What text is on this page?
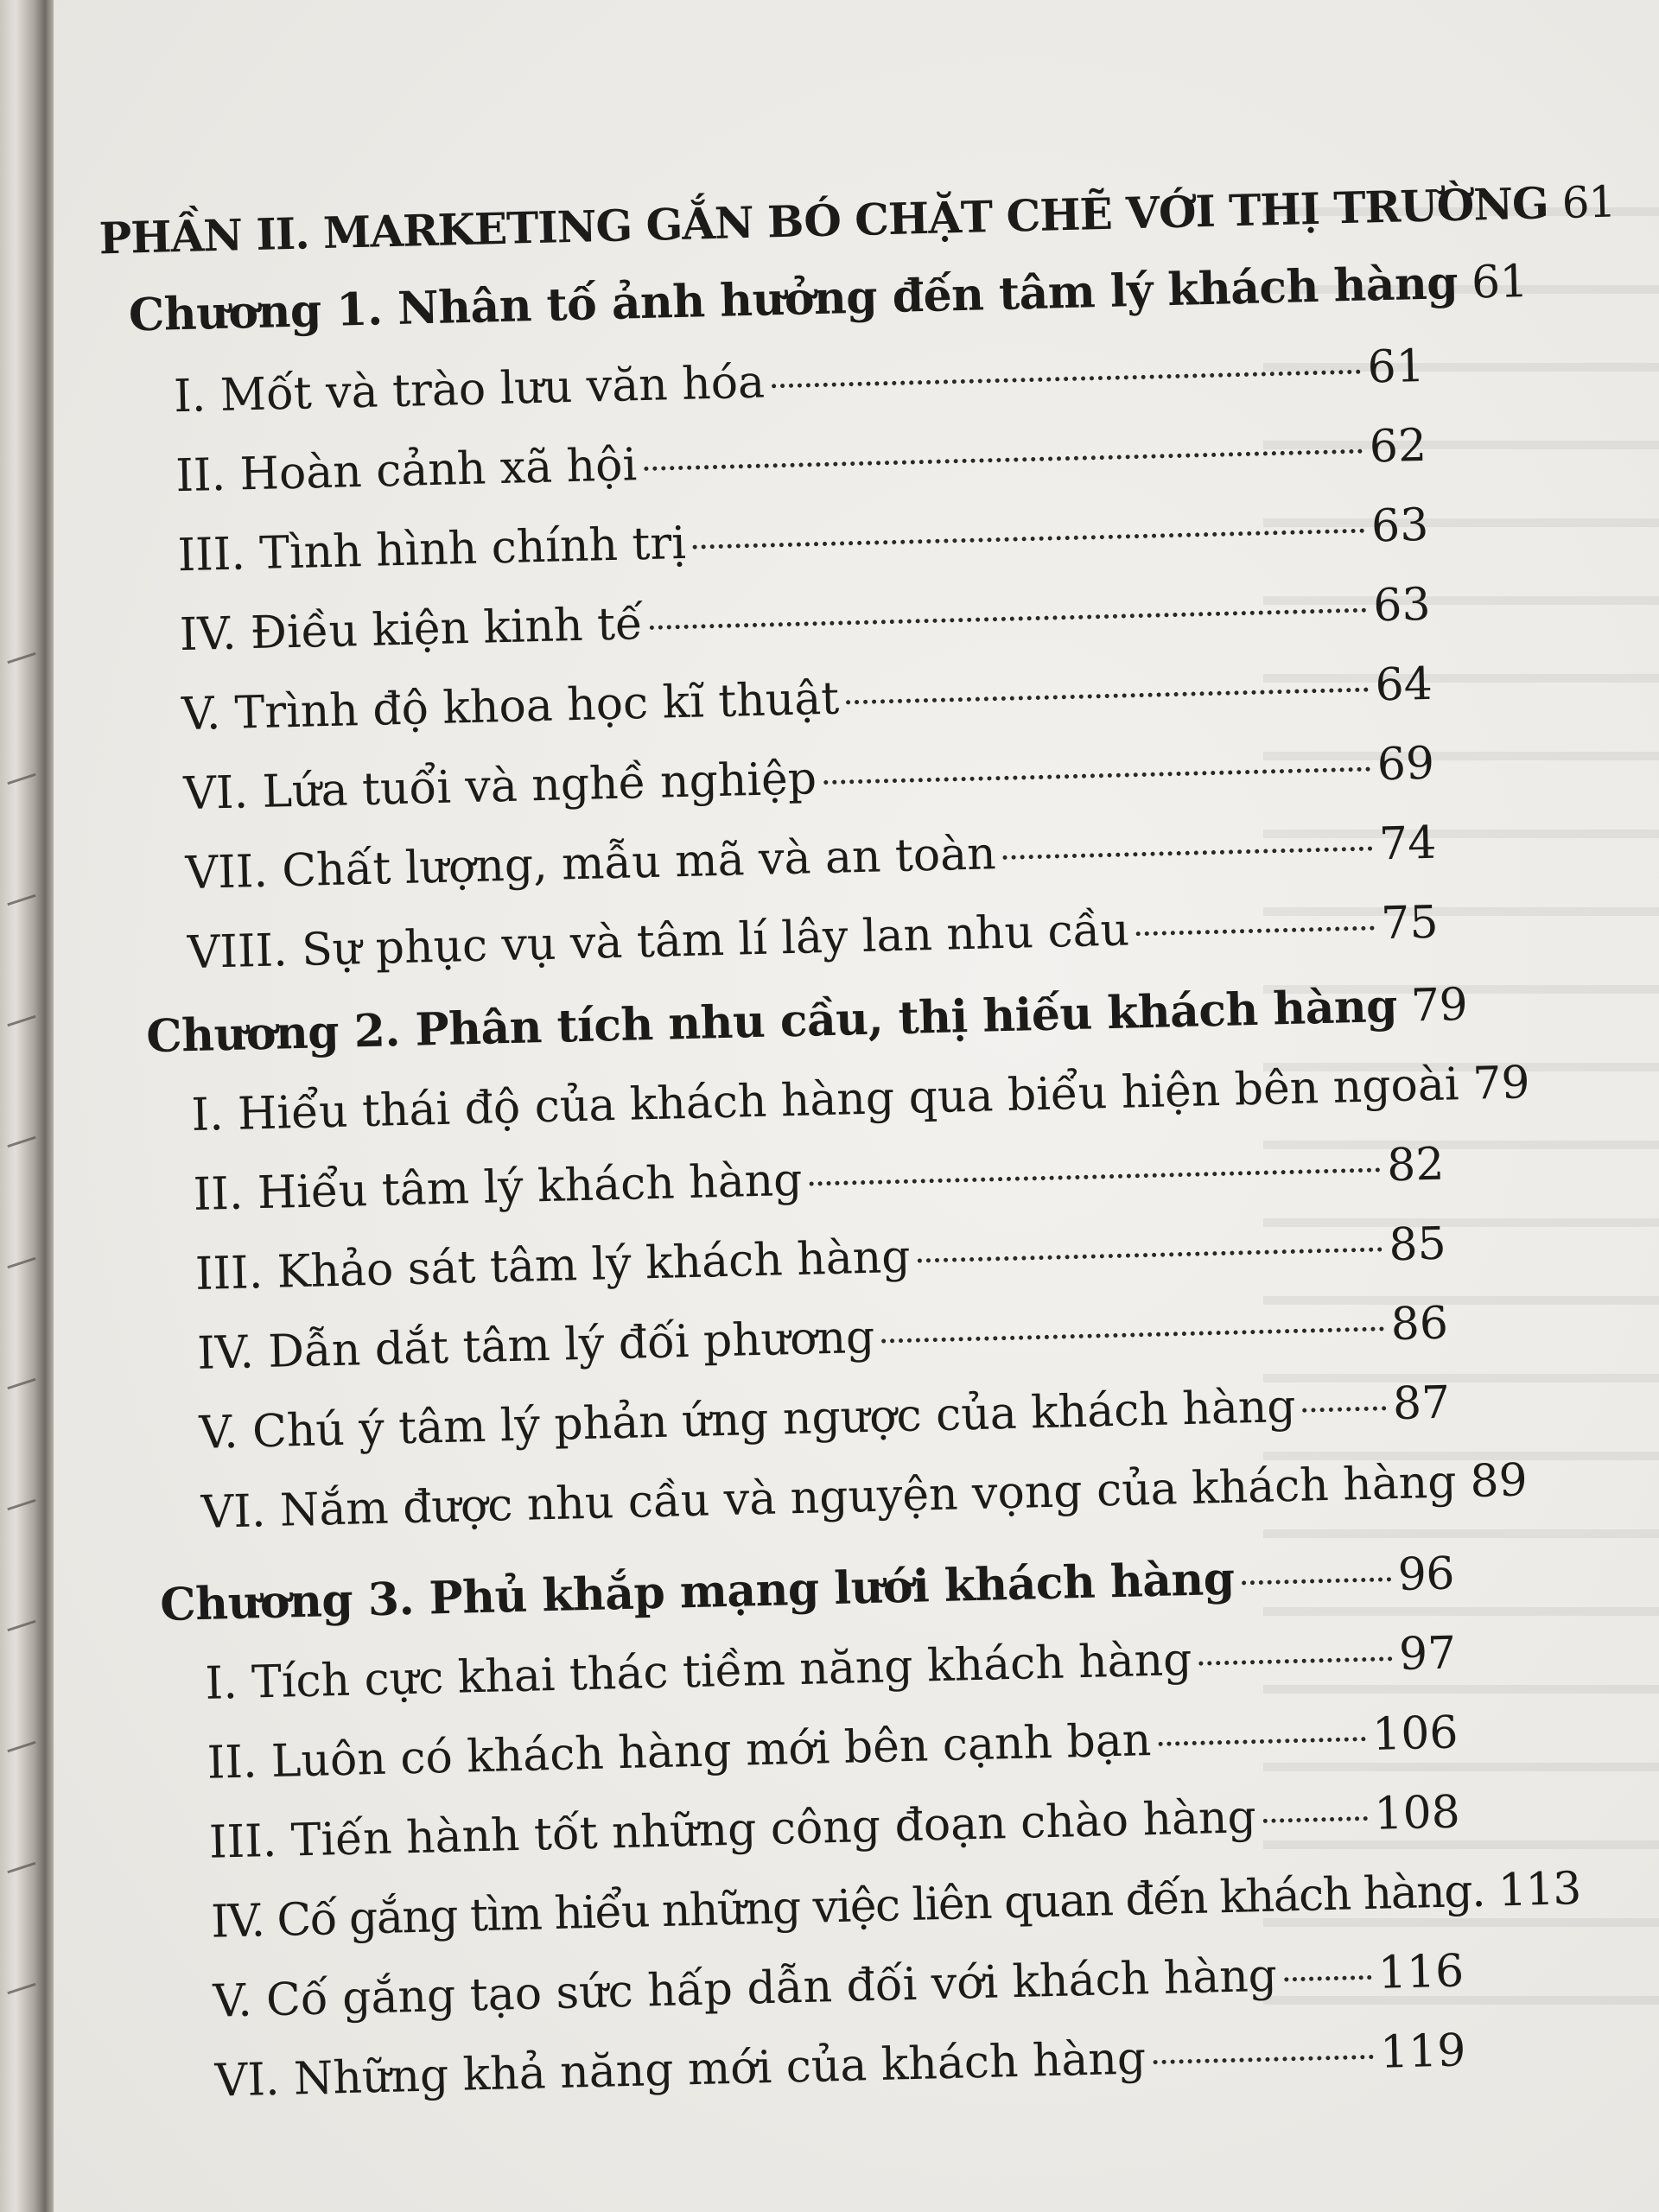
PHẦN II. MARKETING GẮN BÓ CHẶT CHẼ VỚI THỊ TRƯỜNG 61
Chương 1. Nhân tố ảnh hưởng đến tâm lý khách hàng 61
I. Mốt và trào lưu văn hóa	61
II. Hoàn cảnh xã hội	62
III. Tình hình chính trị	63
IV. Điều kiện kinh tế	63
V. Trình độ khoa học kĩ thuật	64
VI. Lứa tuổi và nghề nghiệp	69
VII. Chất lượng, mẫu mã và an toàn	74
VIII. Sự phục vụ và tâm lí lây lan nhu cầu	75
Chương 2. Phân tích nhu cầu, thị hiếu khách hàng 79
I. Hiểu thái độ của khách hàng qua biểu hiện bên ngoài 79
II. Hiểu tâm lý khách hàng	82
III. Khảo sát tâm lý khách hàng	85
IV. Dẫn dắt tâm lý đối phương	86
V. Chú ý tâm lý phản ứng ngược của khách hàng 87
VI. Nắm được nhu cầu và nguyện vọng của khách hàng 89
Chương 3. Phủ khắp mạng lưới khách hàng	96
I. Tích cực khai thác tiềm năng khách hàng	97
II. Luôn có khách hàng mới bên cạnh bạn	106
III. Tiến hành tốt những công đoạn chào hàng	108
IV. Cố gắng tìm hiểu những việc liên quan đến khách hàng. 113
V. Cố gắng tạo sức hấp dẫn đối với khách hàng 116
VI. Những khả năng mới của khách hàng	119
